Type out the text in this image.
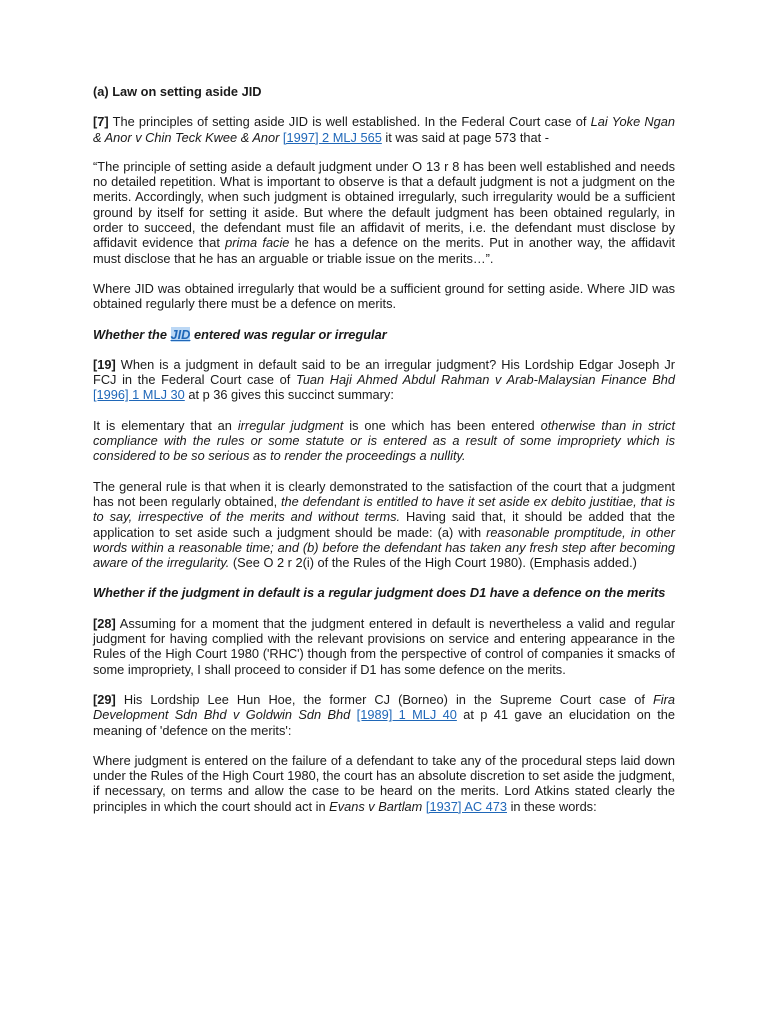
(a) Law on setting aside JID

[7] The principles of setting aside JID is well established. In the Federal Court case of Lai Yoke Ngan & Anor v Chin Teck Kwee & Anor [1997] 2 MLJ 565 it was said at page 573 that -

“The principle of setting aside a default judgment under O 13 r 8 has been well established and needs no detailed repetition. What is important to observe is that a default judgment is not a judgment on the merits. Accordingly, when such judgment is obtained irregularly, such irregularity would be a sufficient ground by itself for setting it aside. But where the default judgment has been obtained regularly, in order to succeed, the defendant must file an affidavit of merits, i.e. the defendant must disclose by affidavit evidence that prima facie he has a defence on the merits. Put in another way, the affidavit must disclose that he has an arguable or triable issue on the merits…”.

Where JID was obtained irregularly that would be a sufficient ground for setting aside. Where JID was obtained regularly there must be a defence on merits.

Whether the JID entered was regular or irregular

[19] When is a judgment in default said to be an irregular judgment? His Lordship Edgar Joseph Jr FCJ in the Federal Court case of Tuan Haji Ahmed Abdul Rahman v Arab-Malaysian Finance Bhd [1996] 1 MLJ 30 at p 36 gives this succinct summary:

It is elementary that an irregular judgment is one which has been entered otherwise than in strict compliance with the rules or some statute or is entered as a result of some impropriety which is considered to be so serious as to render the proceedings a nullity.

The general rule is that when it is clearly demonstrated to the satisfaction of the court that a judgment has not been regularly obtained, the defendant is entitled to have it set aside ex debito justitiae, that is to say, irrespective of the merits and without terms. Having said that, it should be added that the application to set aside such a judgment should be made: (a) with reasonable promptitude, in other words within a reasonable time; and (b) before the defendant has taken any fresh step after becoming aware of the irregularity. (See O 2 r 2(i) of the Rules of the High Court 1980). (Emphasis added.)

Whether if the judgment in default is a regular judgment does D1 have a defence on the merits

[28] Assuming for a moment that the judgment entered in default is nevertheless a valid and regular judgment for having complied with the relevant provisions on service and entering appearance in the Rules of the High Court 1980 ('RHC') though from the perspective of control of companies it smacks of some impropriety, I shall proceed to consider if D1 has some defence on the merits.

[29] His Lordship Lee Hun Hoe, the former CJ (Borneo) in the Supreme Court case of Fira Development Sdn Bhd v Goldwin Sdn Bhd [1989] 1 MLJ 40 at p 41 gave an elucidation on the meaning of 'defence on the merits':

Where judgment is entered on the failure of a defendant to take any of the procedural steps laid down under the Rules of the High Court 1980, the court has an absolute discretion to set aside the judgment, if necessary, on terms and allow the case to be heard on the merits. Lord Atkins stated clearly the principles in which the court should act in Evans v Bartlam [1937] AC 473 in these words:
